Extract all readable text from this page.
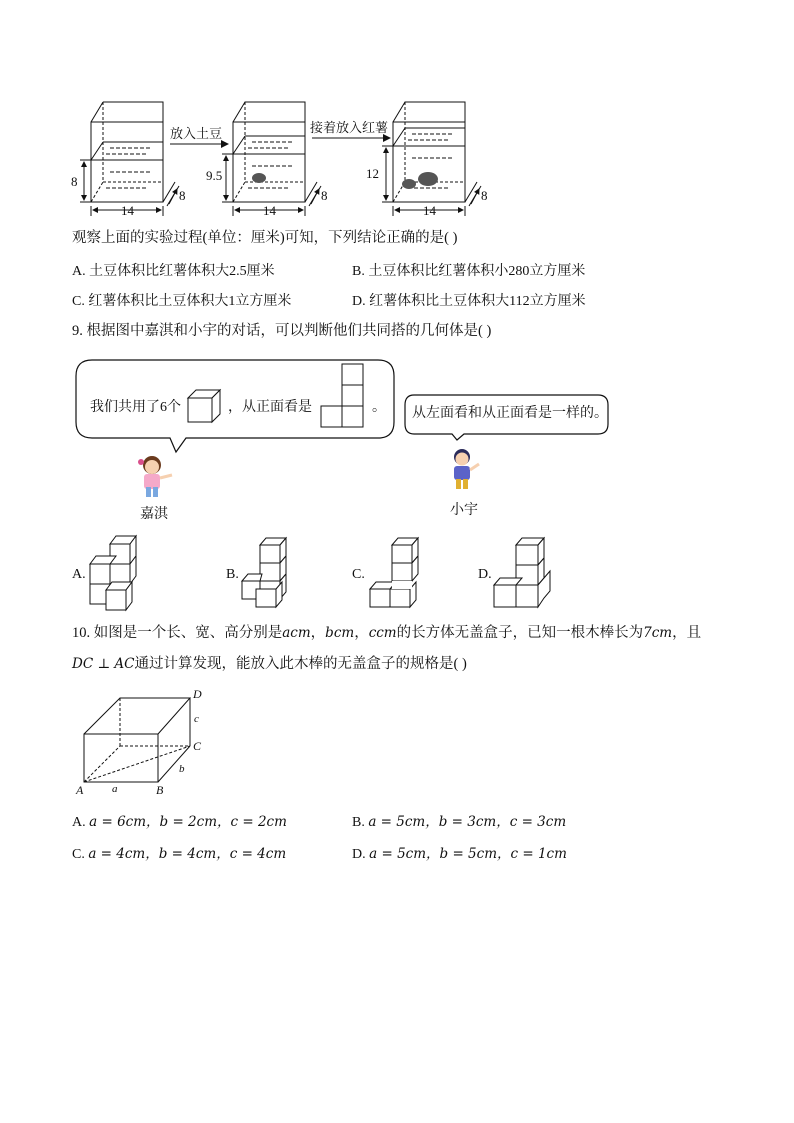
放入土豆	接着放入红薯
8
14
8
9.5
14
8
12
14
8
观察上面的实验过程(单位：厘米)可知，下列结论正确的是( )
A. 土豆体积比红薯体积大2.5厘米	B. 土豆体积比红薯体积小280立方厘米
C. 红薯体积比土豆体积大1立方厘米	D. 红薯体积比土豆体积大112立方厘米
9. 根据图中嘉淇和小宇的对话，可以判断他们共同搭的几何体是( )
我们共用了6个	，从正面看是	。 从左面看和从正面看是一样的。
嘉淇	小宇
A.	B.	C.	D.
10. 如图是一个长、宽、高分别是acm，bcm，ccm的长方体无盖盒子，已知一根木棒长为7cm，且
DC ⊥ AC通过计算发现，能放入此木棒的无盖盒子的规格是( )
D
C
A	B
a
b
c
A. a = 6cm，b = 2cm，c = 2cm	B. a = 5cm，b = 3cm，c = 3cm
C. a = 4cm，b = 4cm，c = 4cm	D. a = 5cm，b = 5cm，c = 1cm
